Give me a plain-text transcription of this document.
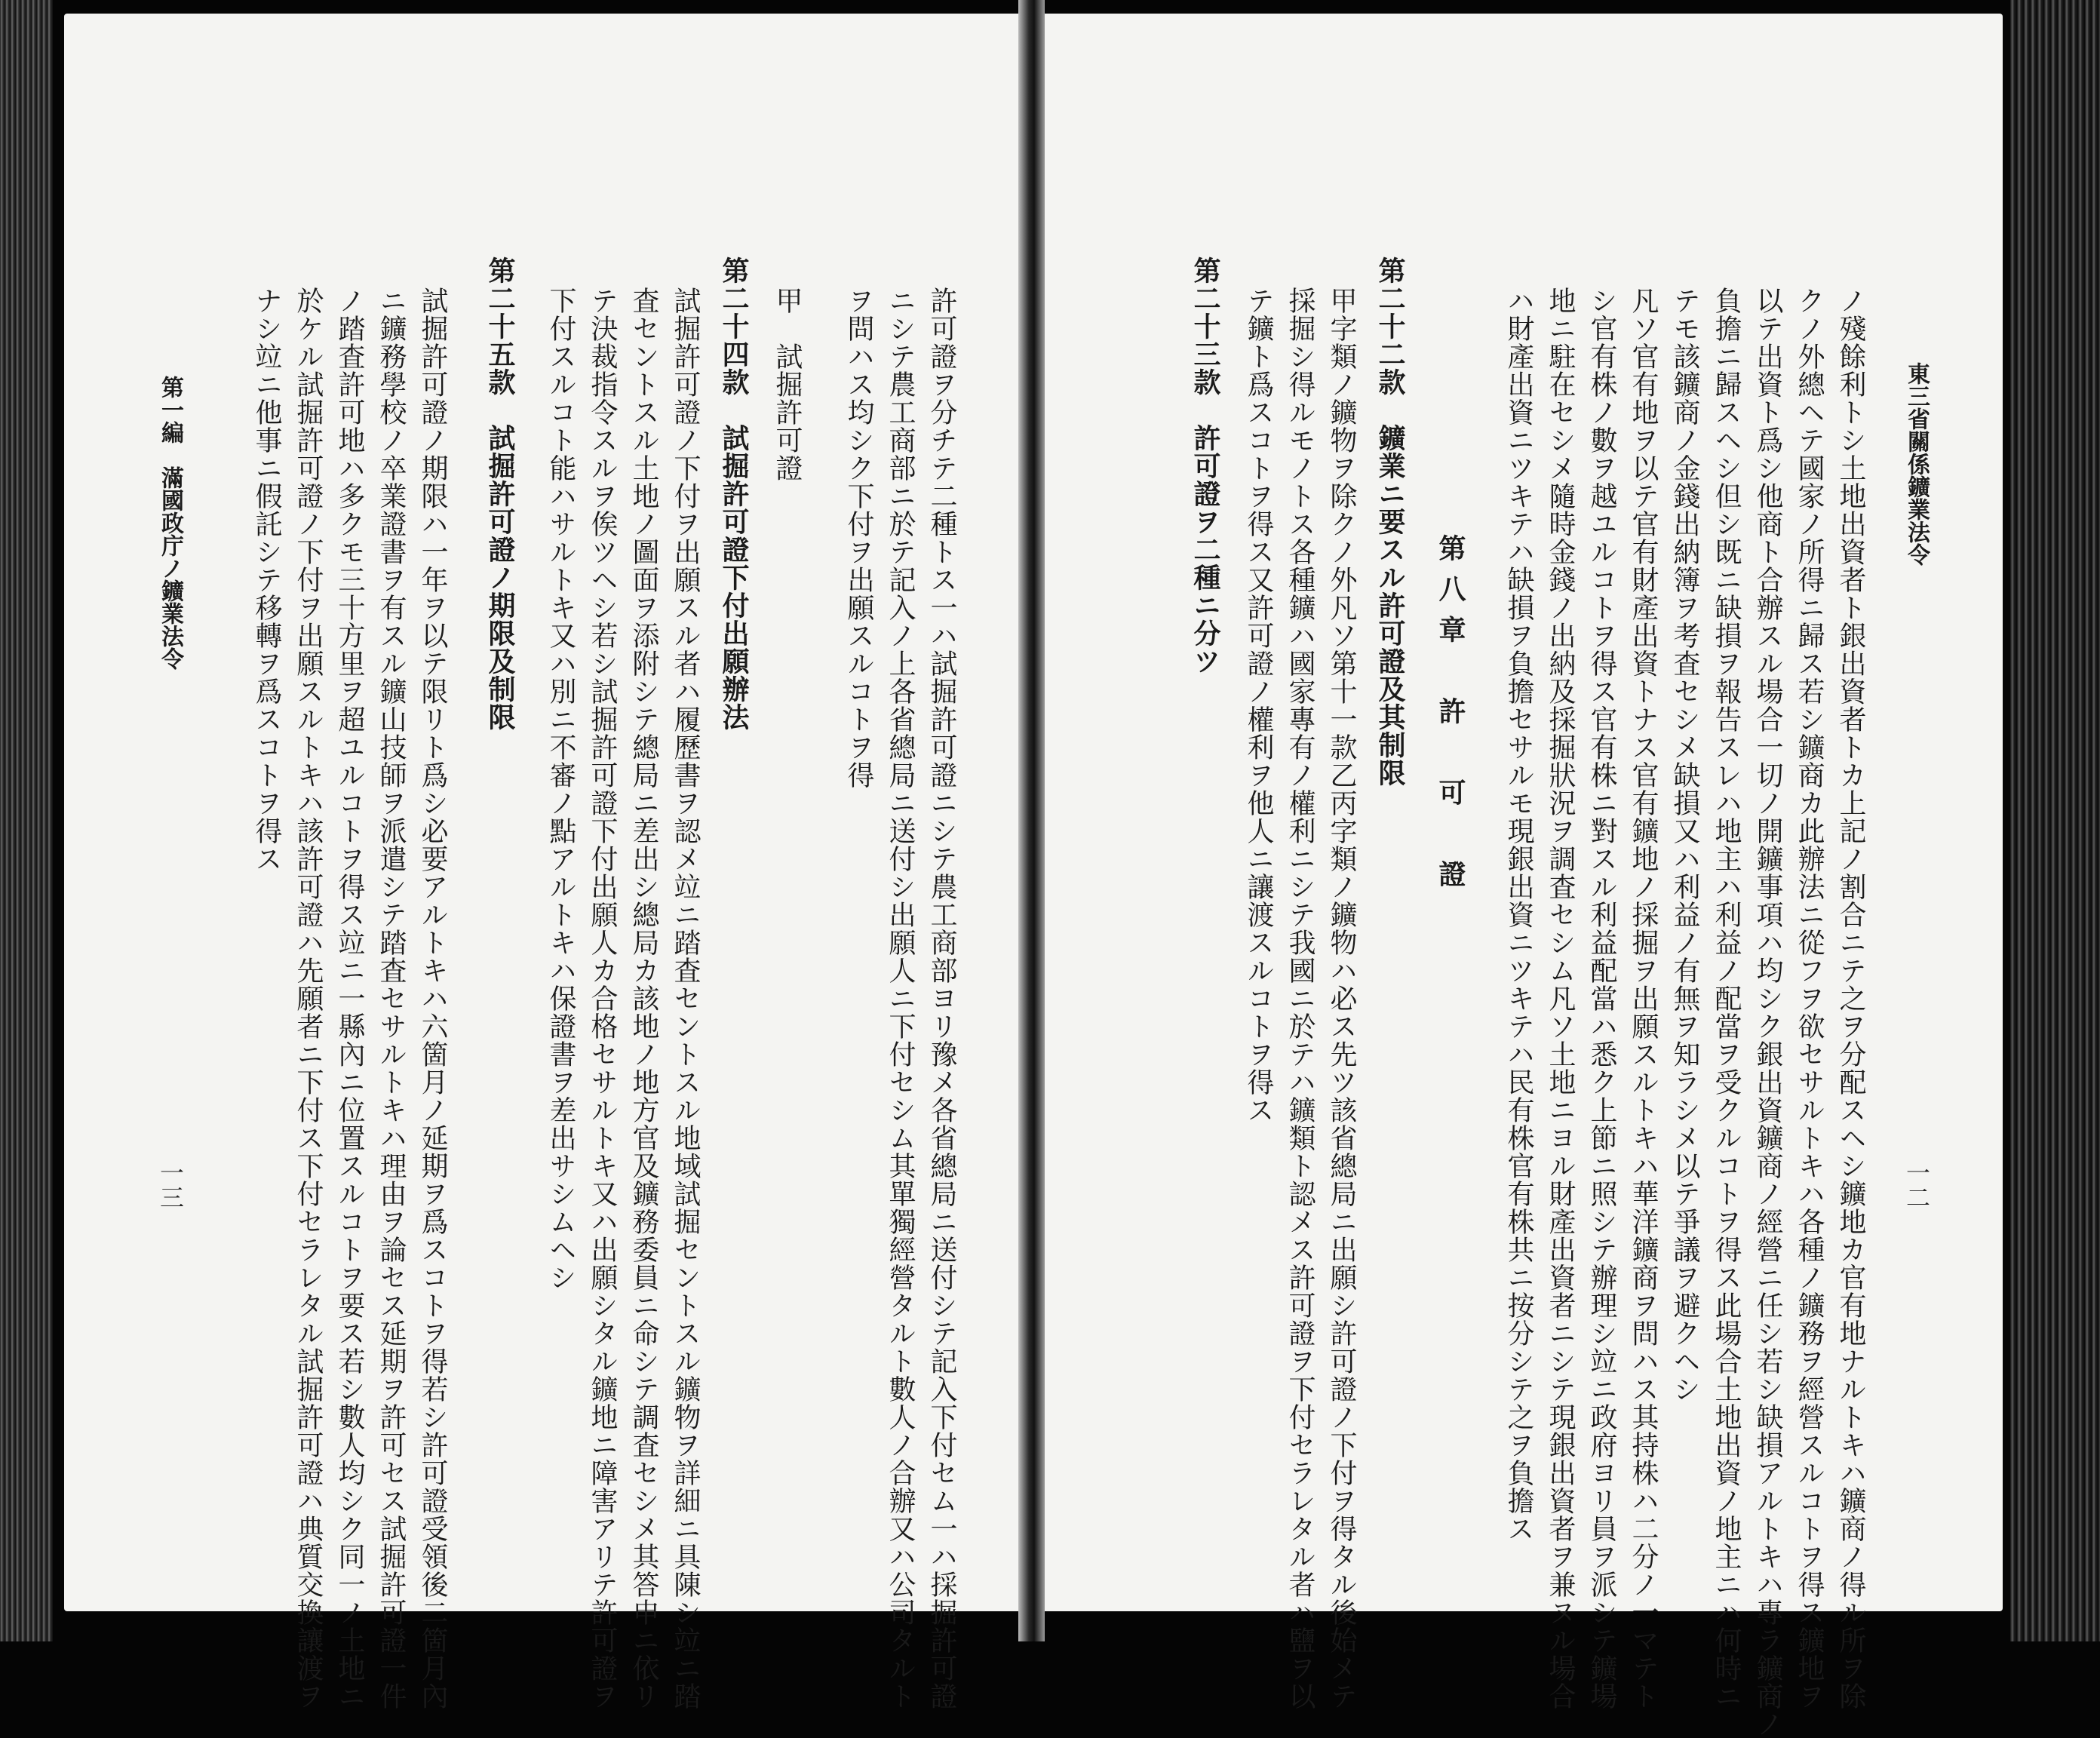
許可證ヲ分チテ二種トス一ハ試掘許可證ニシテ農工商部ヨリ豫メ各省總局ニ送付シテ記入下付セム一ハ採掘許可證
ニシテ農工商部ニ於テ記入ノ上各省總局ニ送付シ出願人ニ下付セシム其單獨經營タルト數人ノ合辦又ハ公司タルト
ヲ問ハス均シク下付ヲ出願スルコトヲ得
甲　試掘許可證
第二十四款　試掘許可證下付出願辦法
試掘許可證ノ下付ヲ出願スル者ハ履歷書ヲ認メ竝ニ踏査セントスル地域試掘セントスル鑛物ヲ詳細ニ具陳シ竝ニ踏
査セントスル土地ノ圖面ヲ添附シテ總局ニ差出シ總局カ該地ノ地方官及鑛務委員ニ命シテ調査セシメ其答申ニ依リ
テ決裁指令スルヲ俟ツヘシ若シ試掘許可證下付出願人カ合格セサルトキ又ハ出願シタル鑛地ニ障害アリテ許可證ヲ
下付スルコト能ハサルトキ又ハ別ニ不審ノ點アルトキハ保證書ヲ差出サシムヘシ
第二十五款　試掘許可證ノ期限及制限
試掘許可證ノ期限ハ一年ヲ以テ限リト爲シ必要アルトキハ六箇月ノ延期ヲ爲スコトヲ得若シ許可證受領後二箇月內
ニ鑛務學校ノ卒業證書ヲ有スル鑛山技師ヲ派遣シテ踏査セサルトキハ理由ヲ論セス延期ヲ許可セス試掘許可證一件
ノ踏査許可地ハ多クモ三十方里ヲ超ユルコトヲ得ス竝ニ一縣內ニ位置スルコトヲ要ス若シ數人均シク同一ノ土地ニ
於ケル試掘許可證ノ下付ヲ出願スルトキハ該許可證ハ先願者ニ下付ス下付セラレタル試掘許可證ハ典質交換讓渡ヲ
ナシ竝ニ他事ニ假託シテ移轉ヲ爲スコトヲ得ス
第一編　滿國政庁ノ鑛業法令
一三
東三省關係鑛業法令
一二
ノ殘餘利トシ土地出資者ト銀出資者トカ上記ノ割合ニテ之ヲ分配スヘシ鑛地カ官有地ナルトキハ鑛商ノ得ル所ヲ除
クノ外總ヘテ國家ノ所得ニ歸ス若シ鑛商カ此辦法ニ從フヲ欲セサルトキハ各種ノ鑛務ヲ經營スルコトヲ得ス鑛地ヲ
以テ出資ト爲シ他商ト合辦スル場合一切ノ開鑛事項ハ均シク銀出資鑛商ノ經營ニ任シ若シ缺損アルトキハ專ラ鑛商ノ
負擔ニ歸スヘシ但シ既ニ缺損ヲ報告スレハ地主ハ利益ノ配當ヲ受クルコトヲ得ス此場合土地出資ノ地主ニハ何時ニ
テモ該鑛商ノ金錢出納簿ヲ考査セシメ缺損又ハ利益ノ有無ヲ知ラシメ以テ爭議ヲ避クヘシ
凡ソ官有地ヲ以テ官有財產出資トナス官有鑛地ノ採掘ヲ出願スルトキハ華洋鑛商ヲ問ハス其持株ハ二分ノ一マテト
シ官有株ノ數ヲ越ユルコトヲ得ス官有株ニ對スル利益配當ハ悉ク上節ニ照シテ辦理シ竝ニ政府ヨリ員ヲ派シテ鑛場
地ニ駐在セシメ隨時金錢ノ出納及採掘狀況ヲ調査セシム凡ソ土地ニヨル財產出資者ニシテ現銀出資者ヲ兼ヌル場合
ハ財產出資ニツキテハ缺損ヲ負擔セサルモ現銀出資ニツキテハ民有株官有株共ニ按分シテ之ヲ負擔ス
第八章　許　可　證
第二十二款　鑛業ニ要スル許可證及其制限
甲字類ノ鑛物ヲ除クノ外凡ソ第十一款乙丙字類ノ鑛物ハ必ス先ツ該省總局ニ出願シ許可證ノ下付ヲ得タル後始メテ
採掘シ得ルモノトス各種鑛ハ國家專有ノ權利ニシテ我國ニ於テハ鑛類ト認メス許可證ヲ下付セラレタル者ハ鹽ヲ以
テ鑛ト爲スコトヲ得ス又許可證ノ權利ヲ他人ニ讓渡スルコトヲ得ス
第二十三款　許可證ヲ二種ニ分ツ
